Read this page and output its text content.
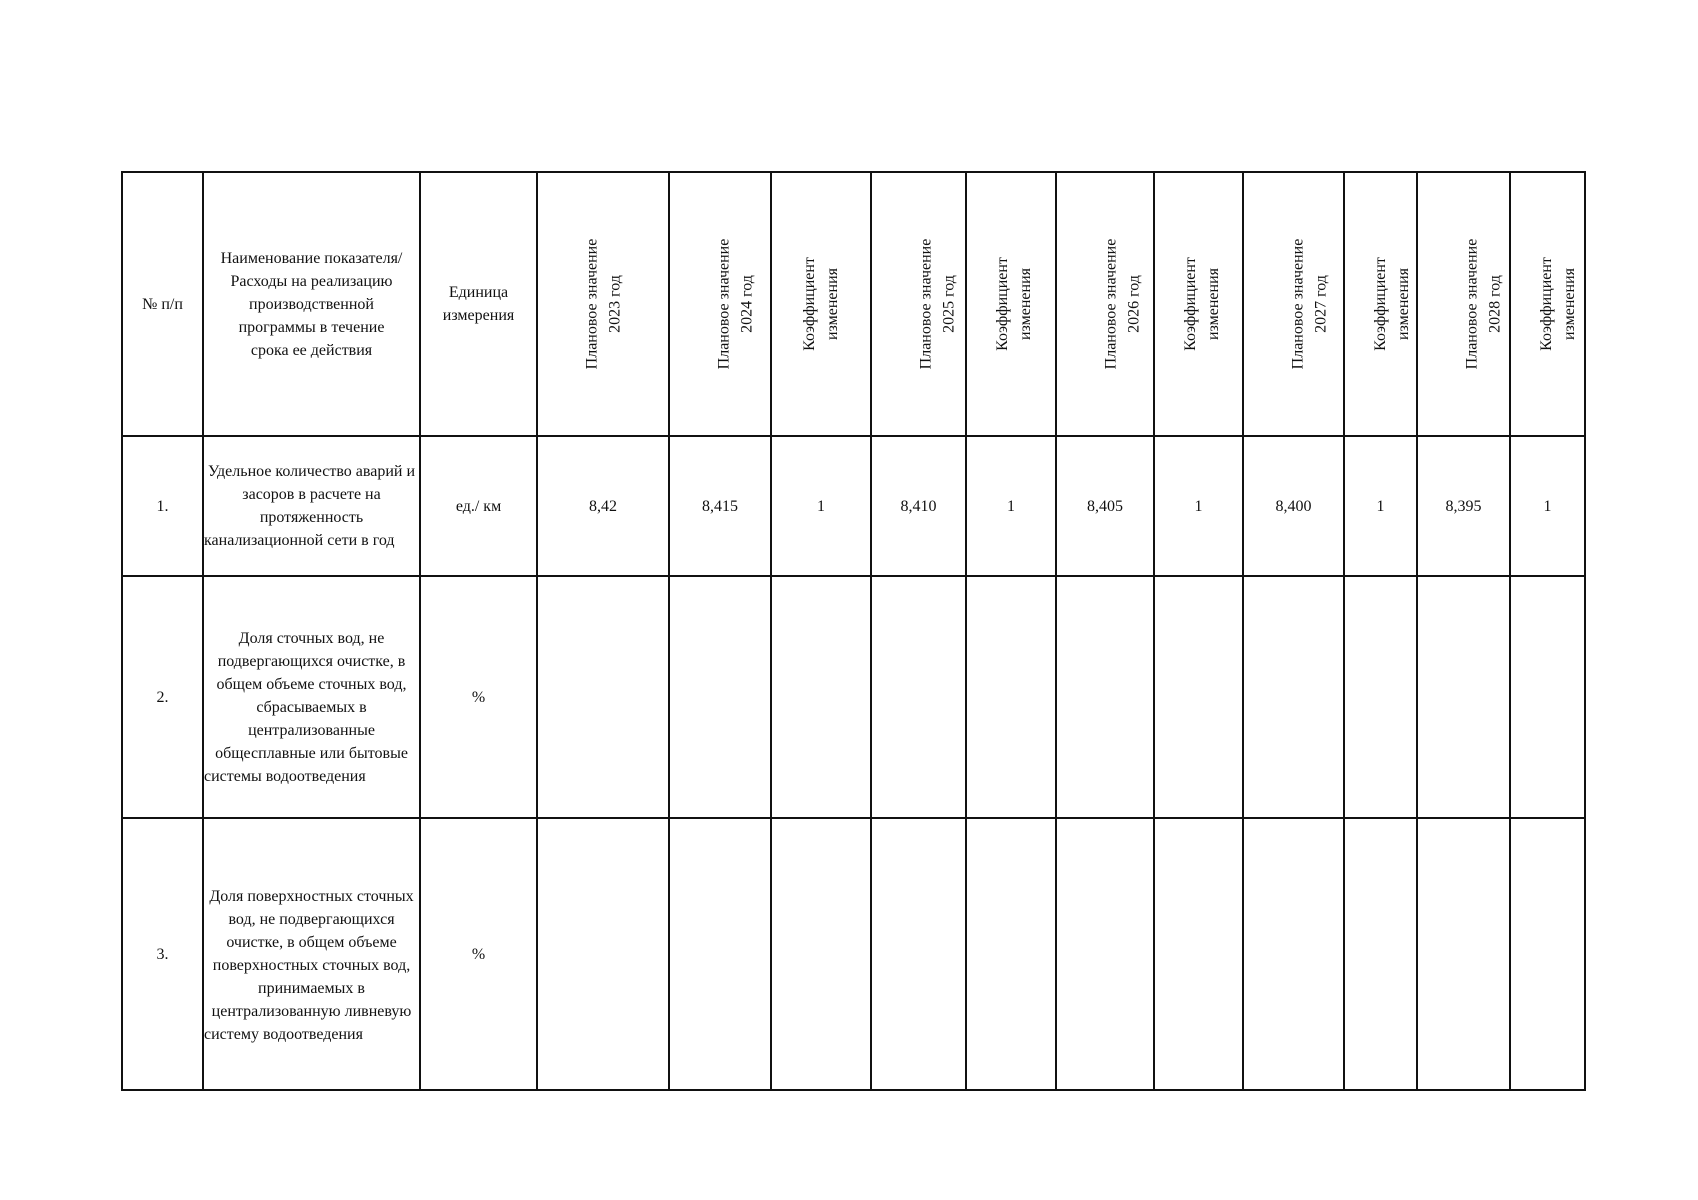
№ п/п	Наименование показателя/Расходы на реализацию производственной программы в течение срока ее действия	Единица измерения	Плановое значение 2023 год	Плановое значение 2024 год	Коэффициент изменения	Плановое значение 2025 год	Коэффициент изменения	Плановое значение 2026 год	Коэффициент изменения	Плановое значение 2027 год	Коэффициент изменения	Плановое значение 2028 год	Коэффициент изменения
1.	Удельное количество аварий и засоров в расчете на протяженность канализационной сети в год	ед./ км	8,42	8,415	1	8,410	1	8,405	1	8,400	1	8,395	1
2.	Доля сточных вод, не подвергающихся очистке, в общем объеме сточных вод, сбрасываемых в централизованные общесплавные или бытовые системы водоотведения	%											
3.	Доля поверхностных сточных вод, не подвергающихся очистке, в общем объеме поверхностных сточных вод, принимаемых в централизованную ливневую систему водоотведения	%											
